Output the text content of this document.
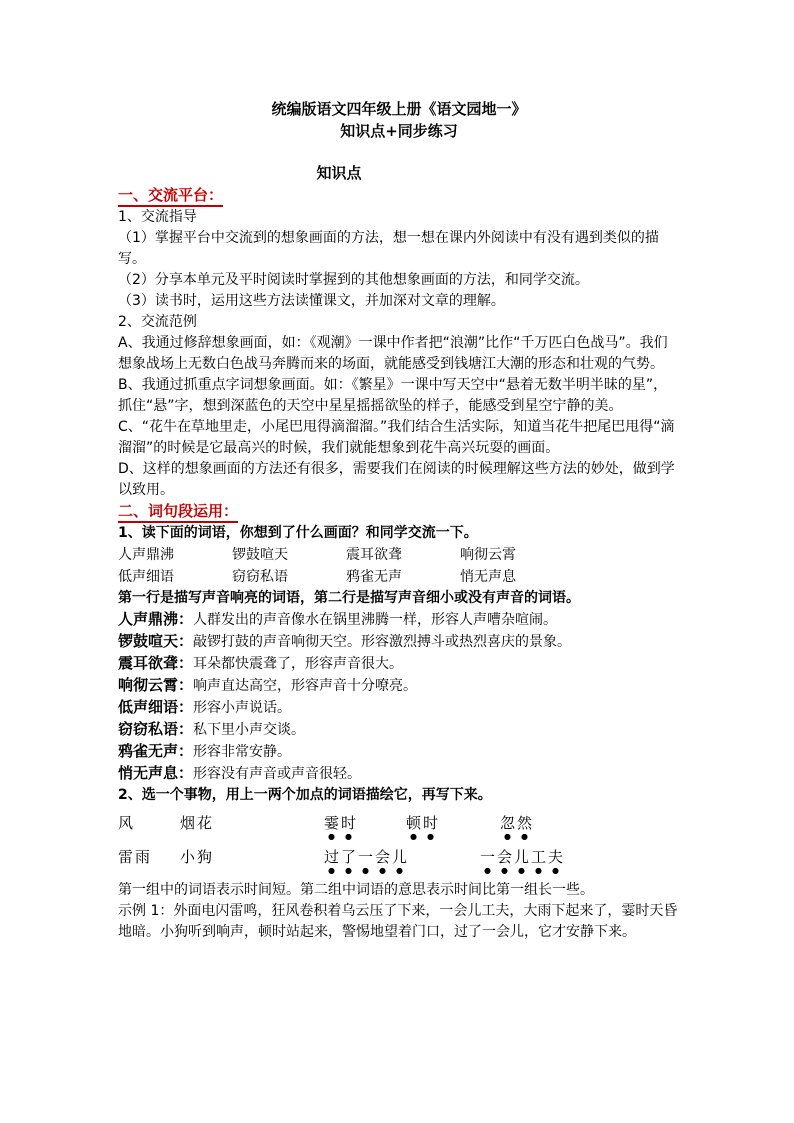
统编版语文四年级上册《语文园地一》
知识点+同步练习
知识点
一、交流平台：
1、交流指导
（1）掌握平台中交流到的想象画面的方法，想一想在课内外阅读中有没有遇到类似的描写。
（2）分享本单元及平时阅读时掌握到的其他想象画面的方法，和同学交流。
（3）读书时，运用这些方法读懂课文，并加深对文章的理解。
2、交流范例
A、我通过修辞想象画面，如：《观潮》一课中作者把“浪潮”比作“千万匹白色战马”。我们想象战场上无数白色战马奔腾而来的场面，就能感受到钱塘江大潮的形态和壮观的气势。
B、我通过抓重点字词想象画面。如：《繁星》一课中写天空中“悬着无数半明半昧的星”，抓住“悬”字，想到深蓝色的天空中星星摇摇欲坠的样子，能感受到星空宁静的美。
C、“花牛在草地里走，小尾巴甩得滴溜溜。”我们结合生活实际，知道当花牛把尾巴甩得“滴溜溜”的时候是它最高兴的时候，我们就能想象到花牛高兴玩耍的画面。
D、这样的想象画面的方法还有很多，需要我们在阅读的时候理解这些方法的妙处，做到学以致用。
二、词句段运用：
1、读下面的词语，你想到了什么画面？和同学交流一下。
人声鼎沸	锣鼓喧天	震耳欲聋	响彻云霄
低声细语	窃窃私语	鸦雀无声	悄无声息
第一行是描写声音响亮的词语，第二行是描写声音细小或没有声音的词语。
人声鼎沸：人群发出的声音像水在锅里沸腾一样，形容人声嘈杂喧闹。
锣鼓喧天：敲锣打鼓的声音响彻天空。形容激烈搏斗或热烈喜庆的景象。
震耳欲聋：耳朵都快震聋了，形容声音很大。
响彻云霄：响声直达高空，形容声音十分嘹亮。
低声细语：形容小声说话。
窃窃私语：私下里小声交谈。
鸦雀无声：形容非常安静。
悄无声息：形容没有声音或声音很轻。
2、选一个事物，用上一两个加点的词语描绘它，再写下来。
风	烟花	霎时	顿时	忽然
雷雨	小狗	过了一会儿	一会儿工夫
第一组中的词语表示时间短。第二组中词语的意思表示时间比第一组长一些。
示例 1：外面电闪雷鸣，狂风卷积着乌云压了下来，一会儿工夫，大雨下起来了，霎时天昏地暗。小狗听到响声，顿时站起来，警惕地望着门口，过了一会儿，它才安静下来。
